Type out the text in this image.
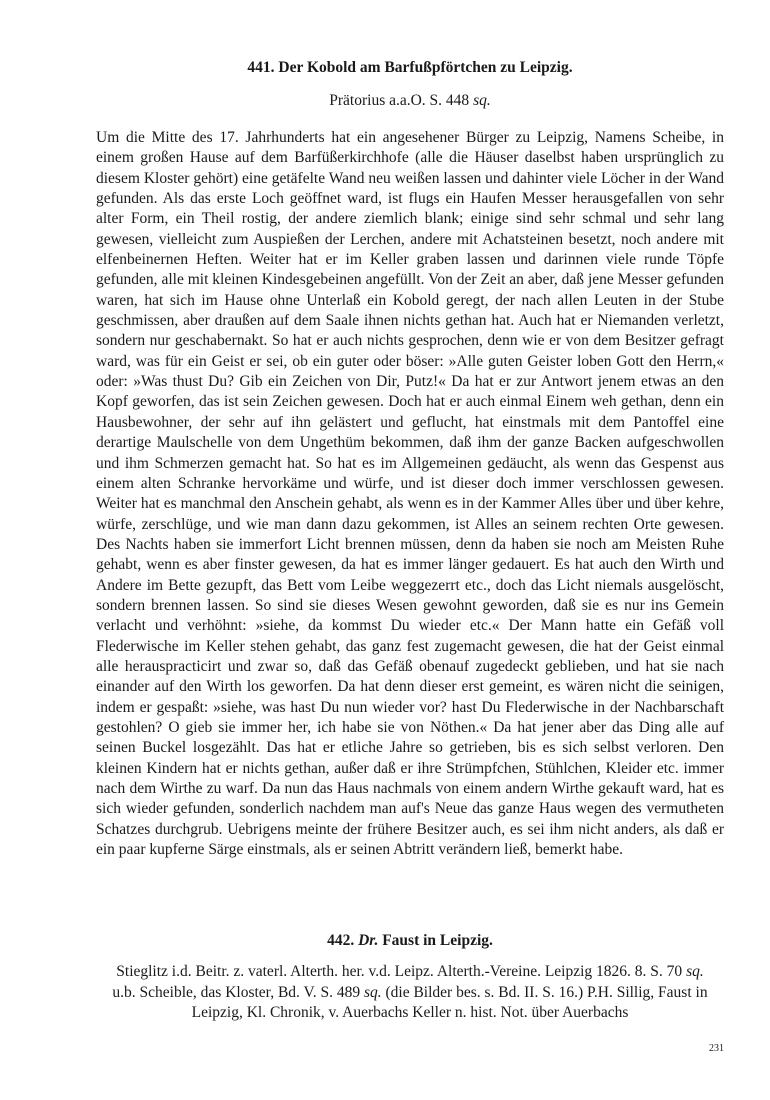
441. Der Kobold am Barfußpförtchen zu Leipzig.

Prätorius a.a.O. S. 448 sq.

Um die Mitte des 17. Jahrhunderts hat ein angesehener Bürger zu Leipzig, Namens Scheibe, in einem großen Hause auf dem Barfüßerkirchhofe (alle die Häuser daselbst haben ursprünglich zu diesem Kloster gehört) eine getäfelte Wand neu weißen lassen und dahinter viele Löcher in der Wand gefunden. Als das erste Loch geöffnet ward, ist flugs ein Haufen Messer herausgefallen von sehr alter Form, ein Theil rostig, der andere ziemlich blank; einige sind sehr schmal und sehr lang gewesen, vielleicht zum Auspießen der Lerchen, andere mit Achatsteinen besetzt, noch andere mit elfenbeinernen Heften. Weiter hat er im Keller graben lassen und darinnen viele runde Töpfe gefunden, alle mit kleinen Kindesgebeinen angefüllt. Von der Zeit an aber, daß jene Messer gefunden waren, hat sich im Hause ohne Unterlaß ein Kobold geregt, der nach allen Leuten in der Stube geschmissen, aber draußen auf dem Saale ihnen nichts gethan hat. Auch hat er Niemanden verletzt, sondern nur geschabernakt. So hat er auch nichts gesprochen, denn wie er von dem Besitzer gefragt ward, was für ein Geist er sei, ob ein guter oder böser: »Alle guten Geister loben Gott den Herrn,« oder: »Was thust Du? Gib ein Zeichen von Dir, Putz!« Da hat er zur Antwort jenem etwas an den Kopf geworfen, das ist sein Zeichen gewesen. Doch hat er auch einmal Einem weh gethan, denn ein Hausbewohner, der sehr auf ihn gelästert und geflucht, hat einstmals mit dem Pantoffel eine derartige Maulschelle von dem Ungethüm bekommen, daß ihm der ganze Backen aufgeschwollen und ihm Schmerzen gemacht hat. So hat es im Allgemeinen gedäucht, als wenn das Gespenst aus einem alten Schranke hervorkäme und würfe, und ist dieser doch immer verschlossen gewesen. Weiter hat es manchmal den Anschein gehabt, als wenn es in der Kammer Alles über und über kehre, würfe, zerschlüge, und wie man dann dazu gekommen, ist Alles an seinem rechten Orte gewesen. Des Nachts haben sie immerfort Licht brennen müssen, denn da haben sie noch am Meisten Ruhe gehabt, wenn es aber finster gewesen, da hat es immer länger gedauert. Es hat auch den Wirth und Andere im Bette gezupft, das Bett vom Leibe weggezerrt etc., doch das Licht niemals ausgelöscht, sondern brennen lassen. So sind sie dieses Wesen gewohnt geworden, daß sie es nur ins Gemein verlacht und verhöhnt: »siehe, da kommst Du wieder etc.« Der Mann hatte ein Gefäß voll Flederwische im Keller stehen gehabt, das ganz fest zugemacht gewesen, die hat der Geist einmal alle herauspracticirt und zwar so, daß das Gefäß obenauf zugedeckt geblieben, und hat sie nach einander auf den Wirth los geworfen. Da hat denn dieser erst gemeint, es wären nicht die seinigen, indem er gespaßt: »siehe, was hast Du nun wieder vor? hast Du Flederwische in der Nachbarschaft gestohlen? O gieb sie immer her, ich habe sie von Nöthen.« Da hat jener aber das Ding alle auf seinen Buckel losgezählt. Das hat er etliche Jahre so getrieben, bis es sich selbst verloren. Den kleinen Kindern hat er nichts gethan, außer daß er ihre Strümpfchen, Stühlchen, Kleider etc. immer nach dem Wirthe zu warf. Da nun das Haus nachmals von einem andern Wirthe gekauft ward, hat es sich wieder gefunden, sonderlich nachdem man auf's Neue das ganze Haus wegen des vermutheten Schatzes durchgrub. Uebrigens meinte der frühere Besitzer auch, es sei ihm nicht anders, als daß er ein paar kupferne Särge einstmals, als er seinen Abtritt verändern ließ, bemerkt habe.

442. Dr. Faust in Leipzig.

Stieglitz i.d. Beitr. z. vaterl. Alterth. her. v.d. Leipz. Alterth.-Vereine. Leipzig 1826. 8. S. 70 sq. u.b. Scheible, das Kloster, Bd. V. S. 489 sq. (die Bilder bes. s. Bd. II. S. 16.) P.H. Sillig, Faust in Leipzig, Kl. Chronik, v. Auerbachs Keller n. hist. Not. über Auerbachs

231
